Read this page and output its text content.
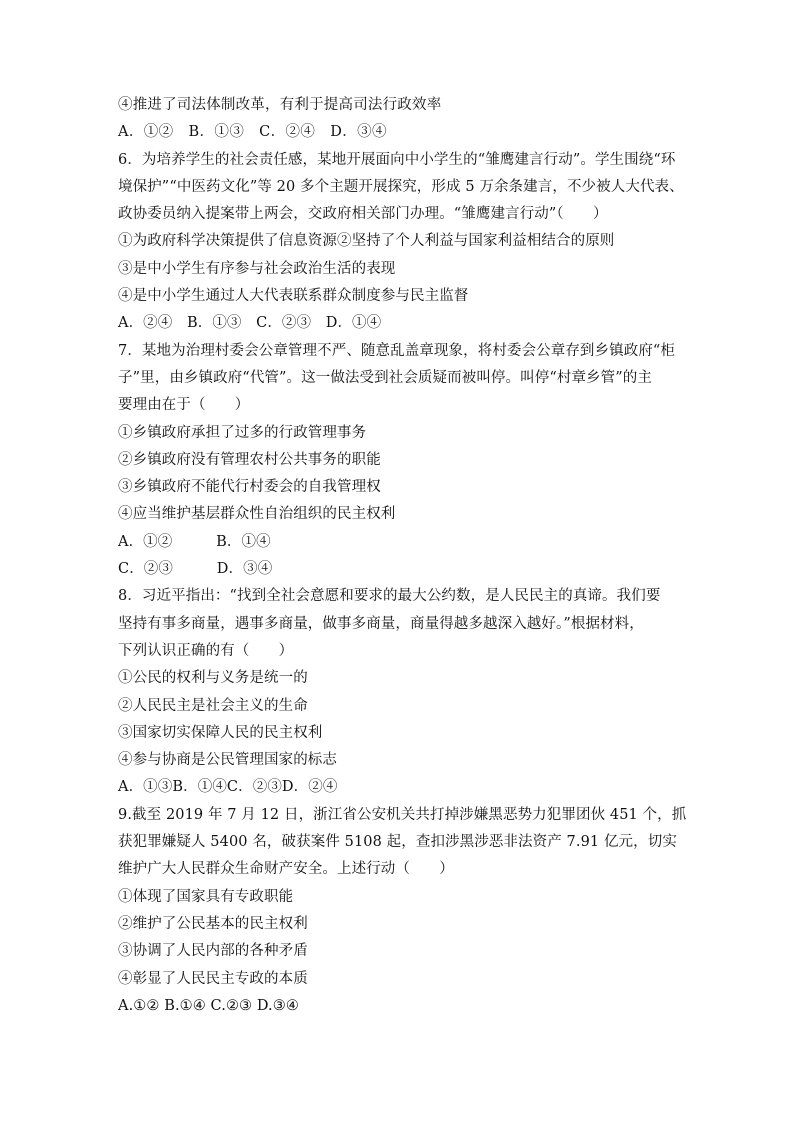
④推进了司法体制改革，有利于提高司法行政效率
A．①②　B．①③　C．②④　D．③④
6．为培养学生的社会责任感，某地开展面向中小学生的“雏鹰建言行动”。学生围绕“环
境保护”“中医药文化”等 20 多个主题开展探究，形成 5 万余条建言，不少被人大代表、
政协委员纳入提案带上两会，交政府相关部门办理。“雏鹰建言行动”（　　）
①为政府科学决策提供了信息资源②坚持了个人利益与国家利益相结合的原则
③是中小学生有序参与社会政治生活的表现
④是中小学生通过人大代表联系群众制度参与民主监督
A．②④　B．①③　C．②③　D．①④
7．某地为治理村委会公章管理不严、随意乱盖章现象，将村委会公章存到乡镇政府“柜
子”里，由乡镇政府“代管”。这一做法受到社会质疑而被叫停。叫停“村章乡管”的主
要理由在于（　　）
①乡镇政府承担了过多的行政管理事务
②乡镇政府没有管理农村公共事务的职能
③乡镇政府不能代行村委会的自我管理权
④应当维护基层群众性自治组织的民主权利
A．①②　　　B．①④
C．②③　　　D．③④
8．习近平指出：“找到全社会意愿和要求的最大公约数，是人民民主的真谛。我们要
坚持有事多商量，遇事多商量，做事多商量，商量得越多越深入越好。”根据材料，
下列认识正确的有（　　）
①公民的权利与义务是统一的
②人民民主是社会主义的生命
③国家切实保障人民的民主权利
④参与协商是公民管理国家的标志
A．①③B．①④C．②③D．②④
9.截至 2019 年 7 月 12 日，浙江省公安机关共打掉涉嫌黑恶势力犯罪团伙 451 个，抓
获犯罪嫌疑人 5400 名，破获案件 5108 起，查扣涉黑涉恶非法资产 7.91 亿元，切实
维护广大人民群众生命财产安全。上述行动（　　）
①体现了国家具有专政职能
②维护了公民基本的民主权利
③协调了人民内部的各种矛盾
④彰显了人民民主专政的本质
A.①② B.①④ C.②③ D.③④
